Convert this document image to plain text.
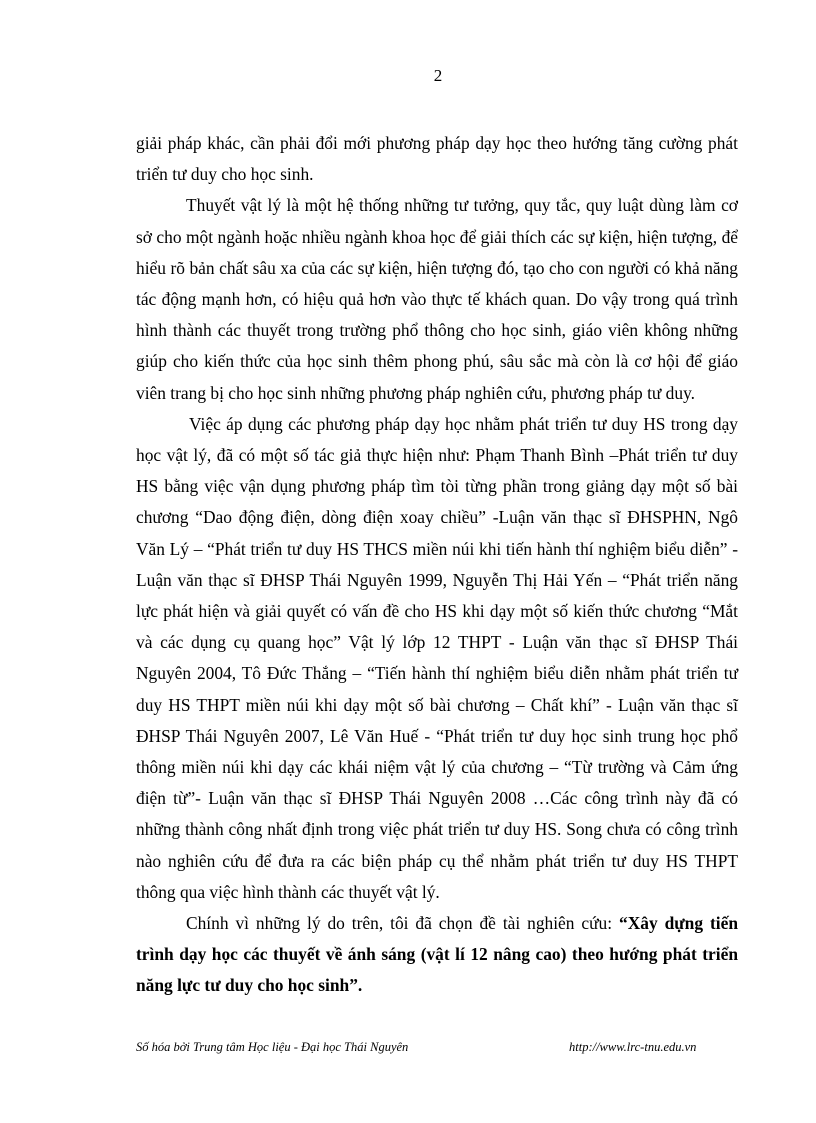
2

giải pháp khác, cần phải đổi mới phương pháp dạy học theo hướng tăng cường phát triển tư duy cho học sinh.

Thuyết vật lý là một hệ thống những tư tưởng, quy tắc, quy luật dùng làm cơ sở cho một ngành hoặc nhiều ngành khoa học để giải thích các sự kiện, hiện tượng, để hiểu rõ bản chất sâu xa của các sự kiện, hiện tượng đó, tạo cho con người có khả năng tác động mạnh hơn, có hiệu quả hơn vào thực tế khách quan. Do vậy trong quá trình hình thành các thuyết trong trường phổ thông cho học sinh, giáo viên không những giúp cho kiến thức của học sinh thêm phong phú, sâu sắc mà còn là cơ hội để giáo viên trang bị cho học sinh những phương pháp nghiên cứu, phương pháp tư duy.

Việc áp dụng các phương pháp dạy học nhằm phát triển tư duy HS trong dạy học vật lý, đã có một số tác giả thực hiện như: Phạm Thanh Bình –Phát triển tư duy HS bằng việc vận dụng phương pháp tìm tòi từng phần trong giảng dạy một số bài chương “Dao động điện, dòng điện xoay chiều” -Luận văn thạc sĩ ĐHSPHN, Ngô Văn Lý – “Phát triển tư duy HS THCS miền núi khi tiến hành thí nghiệm biểu diễn” - Luận văn thạc sĩ ĐHSP Thái Nguyên 1999, Nguyễn Thị Hải Yến – “Phát triển năng lực phát hiện và giải quyết có vấn đề cho HS khi dạy một số kiến thức chương “Mắt và các dụng cụ quang học” Vật lý lớp 12 THPT - Luận văn thạc sĩ ĐHSP Thái Nguyên 2004, Tô Đức Thắng – “Tiến hành thí nghiệm biểu diễn nhằm phát triển tư duy HS THPT miền núi khi dạy một số bài chương – Chất khí” - Luận văn thạc sĩ ĐHSP Thái Nguyên 2007, Lê Văn Huế - “Phát triển tư duy học sinh trung học phổ thông miền núi khi dạy các khái niệm vật lý của chương – “Từ trường và Cảm ứng điện từ”- Luận văn thạc sĩ ĐHSP Thái Nguyên 2008 …Các công trình này đã có những thành công nhất định trong việc phát triển tư duy HS. Song chưa có công trình nào nghiên cứu để đưa ra các biện pháp cụ thể nhằm phát triển tư duy HS THPT thông qua việc hình thành các thuyết vật lý.

Chính vì những lý do trên, tôi đã chọn đề tài nghiên cứu: “Xây dựng tiến trình dạy học các thuyết về ánh sáng (vật lí 12 nâng cao) theo hướng phát triển năng lực tư duy cho học sinh”.

Số hóa bởi Trung tâm Học liệu - Đại học Thái Nguyên	http://www.lrc-tnu.edu.vn
